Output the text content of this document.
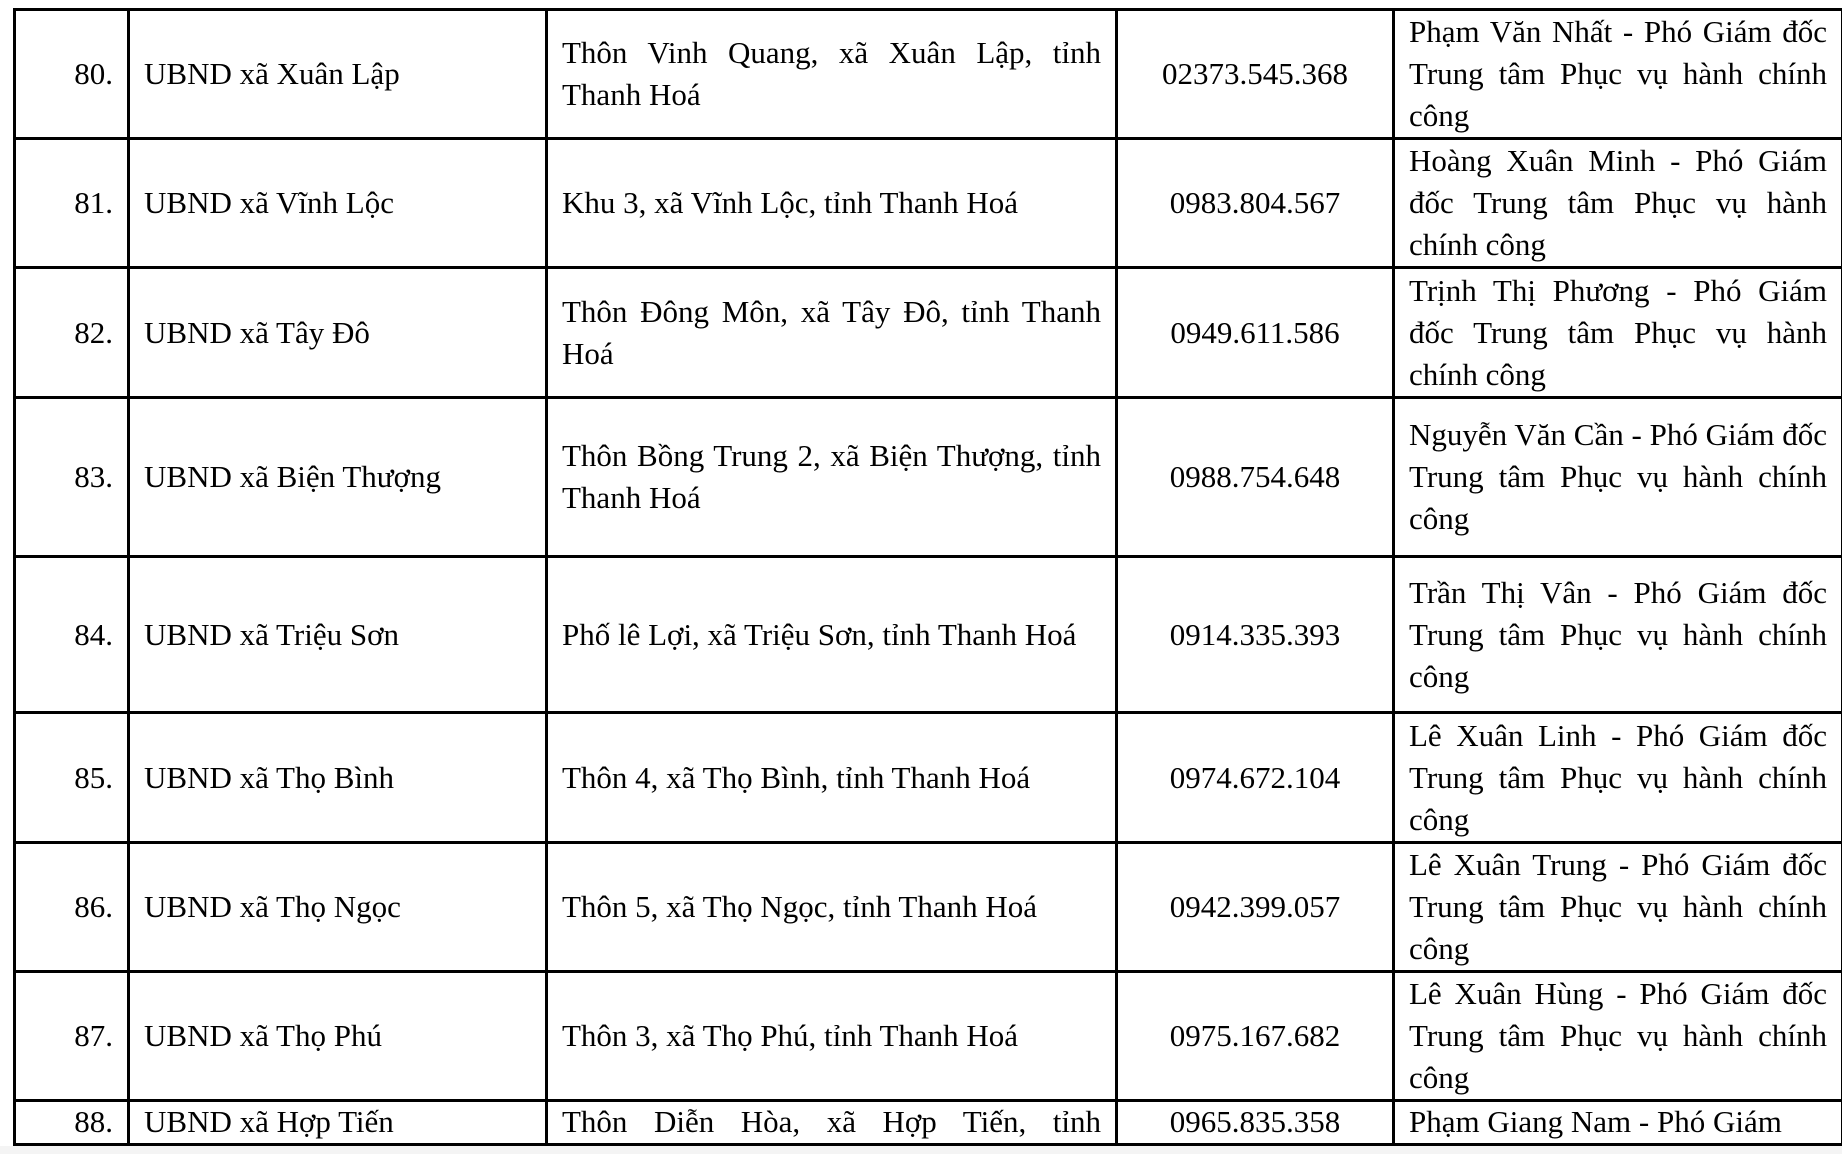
80.	UBND xã Xuân Lập	Thôn Vinh Quang, xã Xuân Lập, tỉnh Thanh Hoá	02373.545.368	Phạm Văn Nhất - Phó Giám đốc Trung tâm Phục vụ hành chính công
81.	UBND xã Vĩnh Lộc	Khu 3, xã Vĩnh Lộc, tỉnh Thanh Hoá	0983.804.567	Hoàng Xuân Minh - Phó Giám đốc Trung tâm Phục vụ hành chính công
82.	UBND xã Tây Đô	Thôn Đông Môn, xã Tây Đô, tỉnh Thanh Hoá	0949.611.586	Trịnh Thị Phương - Phó Giám đốc Trung tâm Phục vụ hành chính công
83.	UBND xã Biện Thượng	Thôn Bồng Trung 2, xã Biện Thượng, tỉnh Thanh Hoá	0988.754.648	Nguyễn Văn Cần - Phó Giám đốc Trung tâm Phục vụ hành chính công
84.	UBND xã Triệu Sơn	Phố lê Lợi, xã Triệu Sơn, tỉnh Thanh Hoá	0914.335.393	Trần Thị Vân - Phó Giám đốc Trung tâm Phục vụ hành chính công
85.	UBND xã Thọ Bình	Thôn 4, xã Thọ Bình, tỉnh Thanh Hoá	0974.672.104	Lê Xuân Linh - Phó Giám đốc Trung tâm Phục vụ hành chính công
86.	UBND xã Thọ Ngọc	Thôn 5, xã Thọ Ngọc, tỉnh Thanh Hoá	0942.399.057	Lê Xuân Trung - Phó Giám đốc Trung tâm Phục vụ hành chính công
87.	UBND xã Thọ Phú	Thôn 3, xã Thọ Phú, tỉnh Thanh Hoá	0975.167.682	Lê Xuân Hùng - Phó Giám đốc Trung tâm Phục vụ hành chính công
88.	UBND xã Hợp Tiến	Thôn Diễn Hòa, xã Hợp Tiến, tỉnh	0965.835.358	Phạm Giang Nam - Phó Giám
